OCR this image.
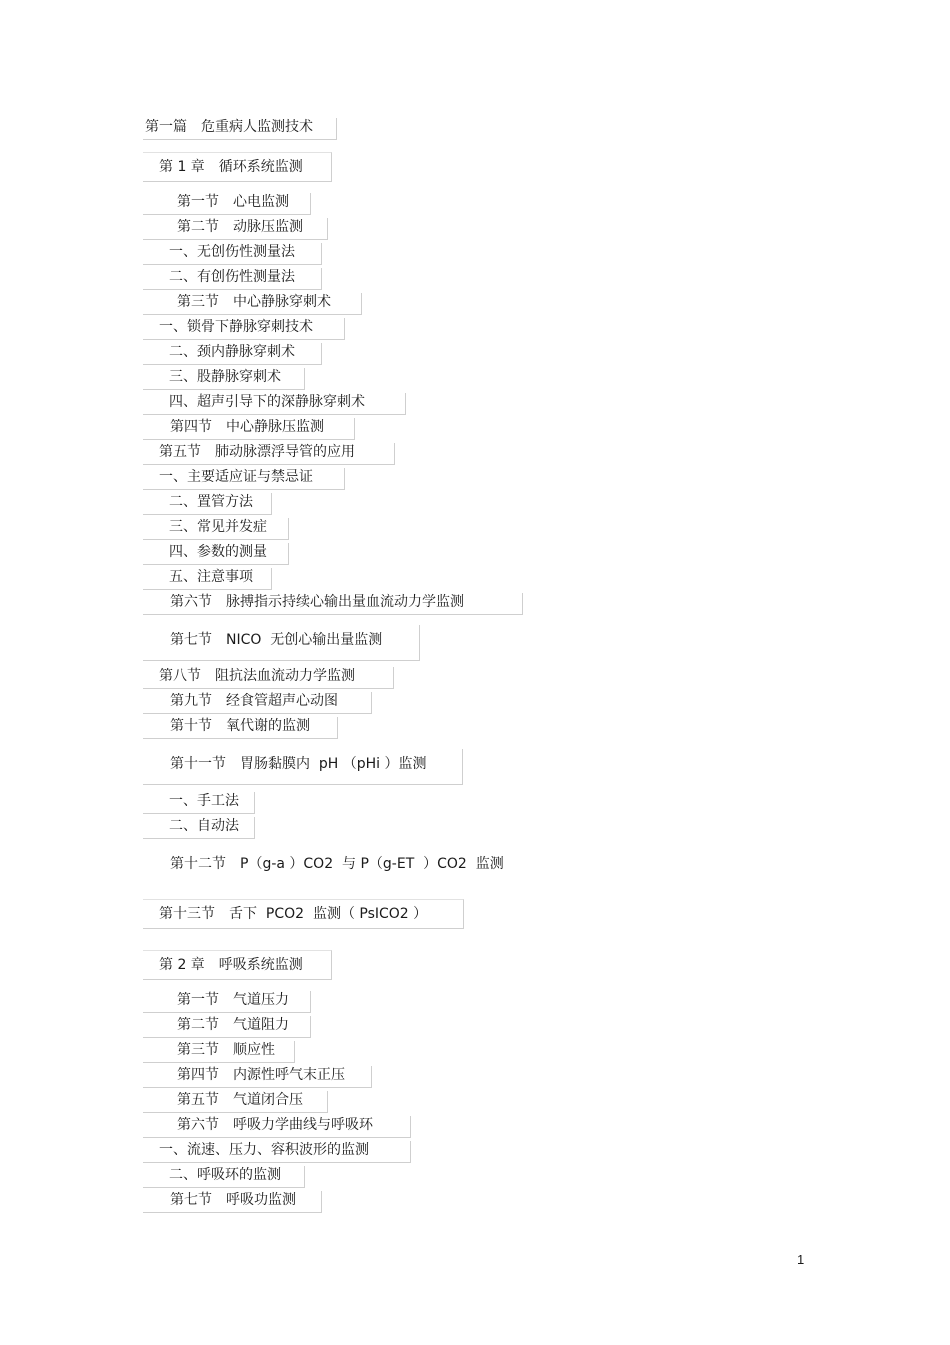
第一篇　危重病人监测技术
第 1 章　循环系统监测
第一节　心电监测
第二节　动脉压监测
一、无创伤性测量法
二、有创伤性测量法
第三节　中心静脉穿刺术
一、锁骨下静脉穿刺技术
二、颈内静脉穿刺术
三、股静脉穿刺术
四、超声引导下的深静脉穿刺术
第四节　中心静脉压监测
第五节　肺动脉漂浮导管的应用
一、主要适应证与禁忌证
二、置管方法
三、常见并发症
四、参数的测量
五、注意事项
第六节　脉搏指示持续心输出量血流动力学监测
第七节　NICO  无创心输出量监测
第八节　阻抗法血流动力学监测
第九节　经食管超声心动图
第十节　氧代谢的监测
第十一节　胃肠黏膜内  pH （pHi ）监测
一、手工法
二、自动法
第十二节　P（g-a ）CO2  与 P（g-ET  ）CO2  监测
第十三节　舌下  PCO2  监测（ PsICO2 ）
第 2 章　呼吸系统监测
第一节　气道压力
第二节　气道阻力
第三节　顺应性
第四节　内源性呼气末正压
第五节　气道闭合压
第六节　呼吸力学曲线与呼吸环
一、流速、压力、容积波形的监测
二、呼吸环的监测
第七节　呼吸功监测
1
